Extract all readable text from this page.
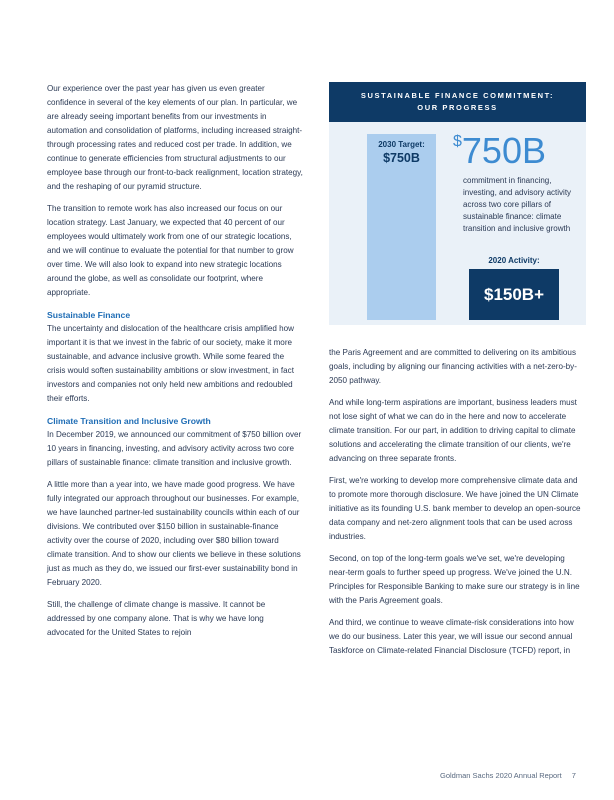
Our experience over the past year has given us even greater confidence in several of the key elements of our plan. In particular, we are already seeing important benefits from our investments in automation and consolidation of platforms, including increased straight-through processing rates and reduced cost per trade. In addition, we continue to generate efficiencies from structural adjustments to our employee base through our front-to-back realignment, location strategy, and the reshaping of our pyramid structure.

The transition to remote work has also increased our focus on our location strategy. Last January, we expected that 40 percent of our employees would ultimately work from one of our strategic locations, and we will continue to evaluate the potential for that number to grow over time. We will also look to expand into new strategic locations around the globe, as well as consolidate our footprint, where appropriate.

Sustainable Finance

The uncertainty and dislocation of the healthcare crisis amplified how important it is that we invest in the fabric of our society, make it more sustainable, and advance inclusive growth. While some feared the crisis would soften sustainability ambitions or slow investment, in fact investors and companies not only held new ambitions and redoubled their efforts.

Climate Transition and Inclusive Growth

In December 2019, we announced our commitment of $750 billion over 10 years in financing, investing, and advisory activity across two core pillars of sustainable finance: climate transition and inclusive growth.

A little more than a year into, we have made good progress. We have fully integrated our approach throughout our businesses. For example, we have launched partner-led sustainability councils within each of our divisions. We contributed over $150 billion in sustainable-finance activity over the course of 2020, including over $80 billion toward climate transition. And to show our clients we believe in these solutions just as much as they do, we issued our first-ever sustainability bond in February 2020.

Still, the challenge of climate change is massive. It cannot be addressed by one company alone. That is why we have long advocated for the United States to rejoin

SUSTAINABLE FINANCE COMMITMENT:
OUR PROGRESS
2030 Target:
$750B
$750B
commitment in financing, investing, and advisory activity across two core pillars of sustainable finance: climate transition and inclusive growth
2020 Activity:
$150B+

the Paris Agreement and are committed to delivering on its ambitious goals, including by aligning our financing activities with a net-zero-by-2050 pathway.

And while long-term aspirations are important, business leaders must not lose sight of what we can do in the here and now to accelerate climate transition. For our part, in addition to driving capital to climate solutions and accelerating the climate transition of our clients, we're advancing on three separate fronts.

First, we're working to develop more comprehensive climate data and to promote more thorough disclosure. We have joined the UN Climate initiative as its founding U.S. bank member to develop an open-source data company and net-zero alignment tools that can be used across industries.

Second, on top of the long-term goals we've set, we're developing near-term goals to further speed up progress. We've joined the U.N. Principles for Responsible Banking to make sure our strategy is in line with the Paris Agreement goals.

And third, we continue to weave climate-risk considerations into how we do our business. Later this year, we will issue our second annual Taskforce on Climate-related Financial Disclosure (TCFD) report, in

Goldman Sachs 2020 Annual Report 7
